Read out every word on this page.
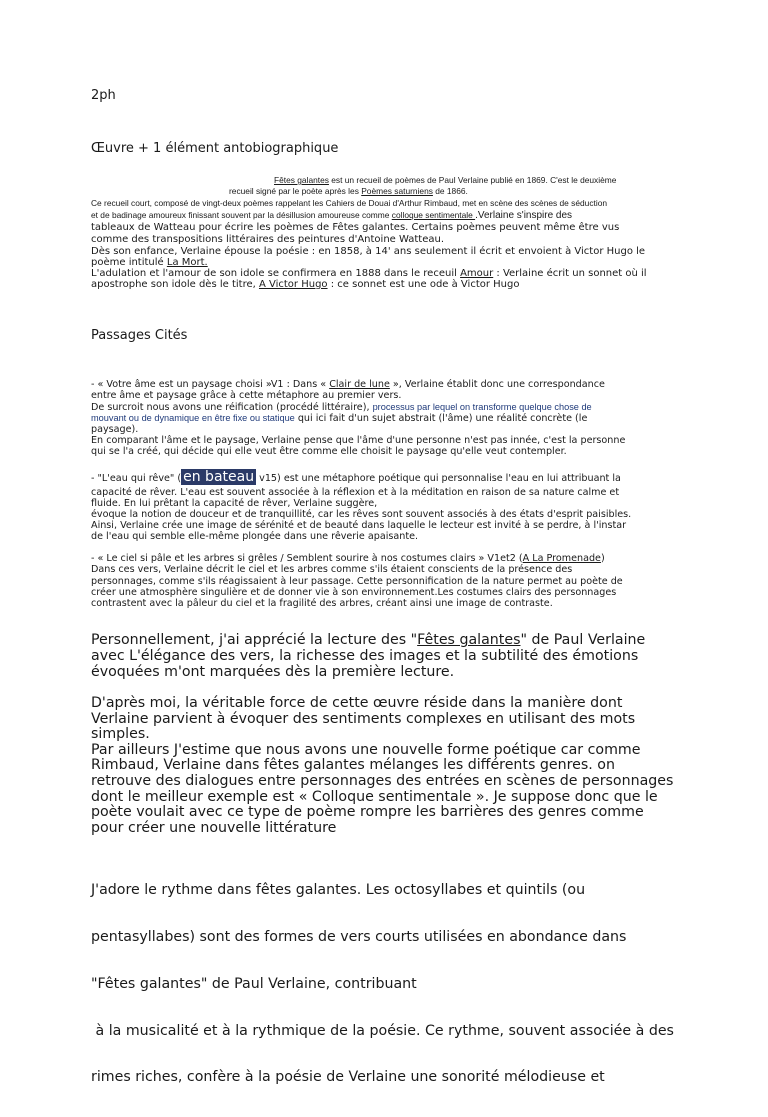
2ph
Œuvre + 1 élément antobiographique
Fêtes galantes est un recueil de poèmes de Paul Verlaine publié en 1869. C'est le deuxième
recueil signé par le poète après les Poèmes saturniens de 1866.
Ce recueil court, composé de vingt-deux poèmes rappelant les Cahiers de Douai d'Arthur Rimbaud, met en scène des scènes de séduction
et de badinage amoureux finissant souvent par la désillusion amoureuse comme colloque sentimentale .Verlaine s'inspire des
tableaux de Watteau pour écrire les poèmes de Fêtes galantes. Certains poèmes peuvent même être vus
comme des transpositions littéraires des peintures d'Antoine Watteau.
Dès son enfance, Verlaine épouse la poésie : en 1858, à 14' ans seulement il écrit et envoient à Victor Hugo le
poème intitulé La Mort.
L'adulation et l'amour de son idole se confirmera en 1888 dans le receuil Amour : Verlaine écrit un sonnet où il
apostrophe son idole dès le titre, A Victor Hugo : ce sonnet est une ode à Victor Hugo
Passages Cités
- « Votre âme est un paysage choisi »V1 : Dans « Clair de lune », Verlaine établit donc une correspondance
entre âme et paysage grâce à cette métaphore au premier vers.
De surcroit nous avons une réification (procédé littéraire), processus par lequel on transforme quelque chose de
mouvant ou de dynamique en être fixe ou statique qui ici fait d'un sujet abstrait (l'âme) une réalité concrète (le
paysage).
En comparant l'âme et le paysage, Verlaine pense que l'âme d'une personne n'est pas innée, c'est la personne
qui se l'a créé, qui décide qui elle veut être comme elle choisit le paysage qu'elle veut contempler.
- "L'eau qui rêve" ( en bateau v15) est une métaphore poétique qui personnalise l'eau en lui attribuant la
capacité de rêver. L'eau est souvent associée à la réflexion et à la méditation en raison de sa nature calme et
fluide. En lui prêtant la capacité de rêver, Verlaine suggère,
évoque la notion de douceur et de tranquillité, car les rêves sont souvent associés à des états d'esprit paisibles.
Ainsi, Verlaine crée une image de sérénité et de beauté dans laquelle le lecteur est invité à se perdre, à l'instar
de l'eau qui semble elle-même plongée dans une rêverie apaisante.
- « Le ciel si pâle et les arbres si grêles / Semblent sourire à nos costumes clairs » V1et2 (A La Promenade)
Dans ces vers, Verlaine décrit le ciel et les arbres comme s'ils étaient conscients de la présence des
personnages, comme s'ils réagissaient à leur passage. Cette personnification de la nature permet au poète de
créer une atmosphère singulière et de donner vie à son environnement.Les costumes clairs des personnages
contrastent avec la pâleur du ciel et la fragilité des arbres, créant ainsi une image de contraste.
Personnellement, j'ai apprécié la lecture des "Fêtes galantes" de Paul Verlaine
avec L'élégance des vers, la richesse des images et la subtilité des émotions
évoquées m'ont marquées dès la première lecture.
D'après moi, la véritable force de cette œuvre réside dans la manière dont
Verlaine parvient à évoquer des sentiments complexes en utilisant des mots
simples.
Par ailleurs J'estime que nous avons une nouvelle forme poétique car comme
Rimbaud, Verlaine dans fêtes galantes mélanges les différents genres. on
retrouve des dialogues entre personnages des entrées en scènes de personnages
dont le meilleur exemple est « Colloque sentimentale ». Je suppose donc que le
poète voulait avec ce type de poème rompre les barrières des genres comme
pour créer une nouvelle littérature

J'adore le rythme dans fêtes galantes. Les octosyllabes et quintils (ou

pentasyllabes) sont des formes de vers courts utilisées en abondance dans

"Fêtes galantes" de Paul Verlaine, contribuant

à la musicalité et à la rythmique de la poésie. Ce rythme, souvent associée à des

rimes riches, confère à la poésie de Verlaine une sonorité mélodieuse et
